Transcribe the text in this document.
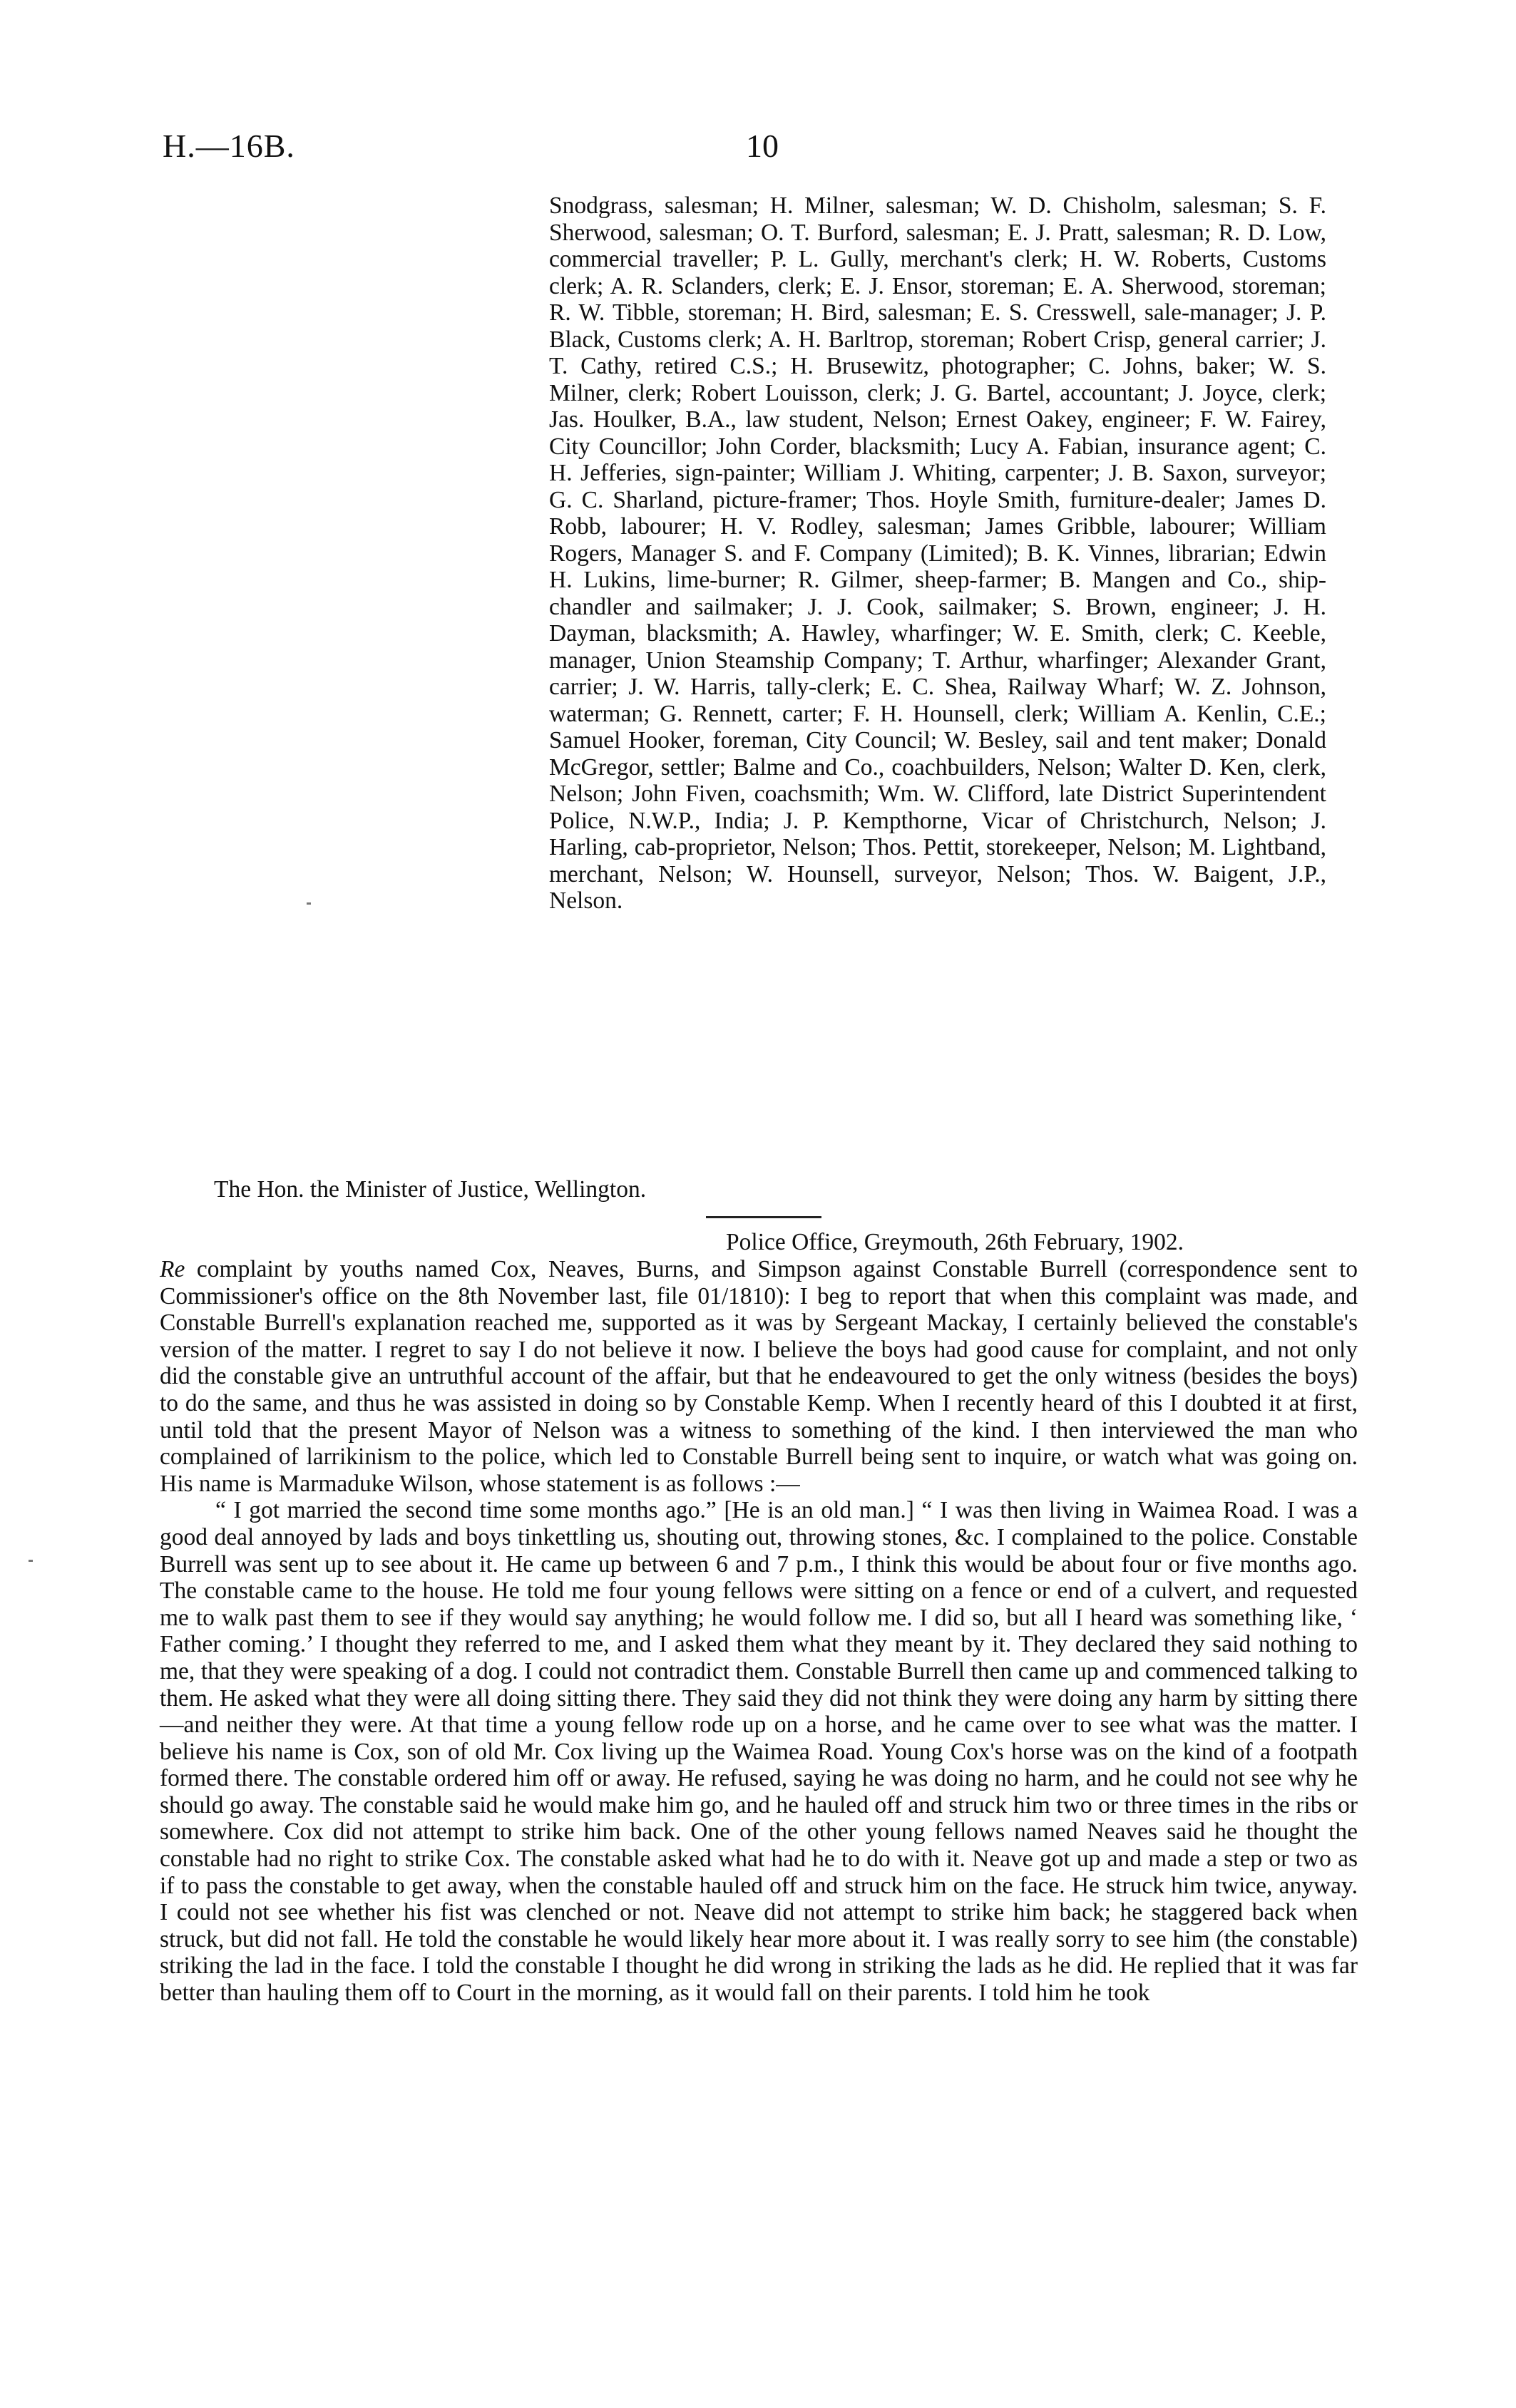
H.—16B.	10

Snodgrass, salesman; H. Milner, salesman; W. D. Chisholm, salesman; S. F. Sherwood, salesman; O. T. Burford, salesman; E. J. Pratt, salesman; R. D. Low, commercial traveller; P. L. Gully, merchant's clerk; H. W. Roberts, Customs clerk; A. R. Sclanders, clerk; E. J. Ensor, storeman; E. A. Sherwood, storeman; R. W. Tibble, storeman; H. Bird, salesman; E. S. Cresswell, sale-manager; J. P. Black, Customs clerk; A. H. Barltrop, storeman; Robert Crisp, general carrier; J. T. Cathy, retired C.S.; H. Brusewitz, photographer; C. Johns, baker; W. S. Milner, clerk; Robert Louisson, clerk; J. G. Bartel, accountant; J. Joyce, clerk; Jas. Houlker, B.A., law student, Nelson; Ernest Oakey, engineer; F. W. Fairey, City Councillor; John Corder, blacksmith; Lucy A. Fabian, insurance agent; C. H. Jefferies, sign-painter; William J. Whiting, carpenter; J. B. Saxon, surveyor; G. C. Sharland, picture-framer; Thos. Hoyle Smith, furniture-dealer; James D. Robb, labourer; H. V. Rodley, salesman; James Gribble, labourer; William Rogers, Manager S. and F. Company (Limited); B. K. Vinnes, librarian; Edwin H. Lukins, lime-burner; R. Gilmer, sheep-farmer; B. Mangen and Co., ship-chandler and sailmaker; J. J. Cook, sailmaker; S. Brown, engineer; J. H. Dayman, blacksmith; A. Hawley, wharfinger; W. E. Smith, clerk; C. Keeble, manager, Union Steamship Company; T. Arthur, wharfinger; Alexander Grant, carrier; J. W. Harris, tally-clerk; E. C. Shea, Railway Wharf; W. Z. Johnson, waterman; G. Rennett, carter; F. H. Hounsell, clerk; William A. Kenlin, C.E.; Samuel Hooker, foreman, City Council; W. Besley, sail and tent maker; Donald McGregor, settler; Balme and Co., coachbuilders, Nelson; Walter D. Ken, clerk, Nelson; John Fiven, coachsmith; Wm. W. Clifford, late District Superintendent Police, N.W.P., India; J. P. Kempthorne, Vicar of Christchurch, Nelson; J. Harling, cab-proprietor, Nelson; Thos. Pettit, storekeeper, Nelson; M. Lightband, merchant, Nelson; W. Hounsell, surveyor, Nelson; Thos. W. Baigent, J.P., Nelson.

The Hon. the Minister of Justice, Wellington.
Police Office, Greymouth, 26th February, 1902.

Re complaint by youths named Cox, Neaves, Burns, and Simpson against Constable Burrell (correspondence sent to Commissioner's office on the 8th November last, file 01/1810): I beg to report that when this complaint was made, and Constable Burrell's explanation reached me, supported as it was by Sergeant Mackay, I certainly believed the constable's version of the matter. I regret to say I do not believe it now. I believe the boys had good cause for complaint, and not only did the constable give an untruthful account of the affair, but that he endeavoured to get the only witness (besides the boys) to do the same, and thus he was assisted in doing so by Constable Kemp. When I recently heard of this I doubted it at first, until told that the present Mayor of Nelson was a witness to something of the kind. I then interviewed the man who complained of larrikinism to the police, which led to Constable Burrell being sent to inquire, or watch what was going on. His name is Marmaduke Wilson, whose statement is as follows :—

“ I got married the second time some months ago.” [He is an old man.] “ I was then living in Waimea Road. I was a good deal annoyed by lads and boys tinkettling us, shouting out, throwing stones, &c. I complained to the police. Constable Burrell was sent up to see about it. He came up between 6 and 7 p.m., I think this would be about four or five months ago. The constable came to the house. He told me four young fellows were sitting on a fence or end of a culvert, and requested me to walk past them to see if they would say anything; he would follow me. I did so, but all I heard was something like, ‘ Father coming.’ I thought they referred to me, and I asked them what they meant by it. They declared they said nothing to me, that they were speaking of a dog. I could not contradict them. Constable Burrell then came up and commenced talking to them. He asked what they were all doing sitting there. They said they did not think they were doing any harm by sitting there—and neither they were. At that time a young fellow rode up on a horse, and he came over to see what was the matter. I believe his name is Cox, son of old Mr. Cox living up the Waimea Road. Young Cox's horse was on the kind of a footpath formed there. The constable ordered him off or away. He refused, saying he was doing no harm, and he could not see why he should go away. The constable said he would make him go, and he hauled off and struck him two or three times in the ribs or somewhere. Cox did not attempt to strike him back. One of the other young fellows named Neaves said he thought the constable had no right to strike Cox. The constable asked what had he to do with it. Neave got up and made a step or two as if to pass the constable to get away, when the constable hauled off and struck him on the face. He struck him twice, anyway. I could not see whether his fist was clenched or not. Neave did not attempt to strike him back; he staggered back when struck, but did not fall. He told the constable he would likely hear more about it. I was really sorry to see him (the constable) striking the lad in the face. I told the constable I thought he did wrong in striking the lads as he did. He replied that it was far better than hauling them off to Court in the morning, as it would fall on their parents. I told him he took
